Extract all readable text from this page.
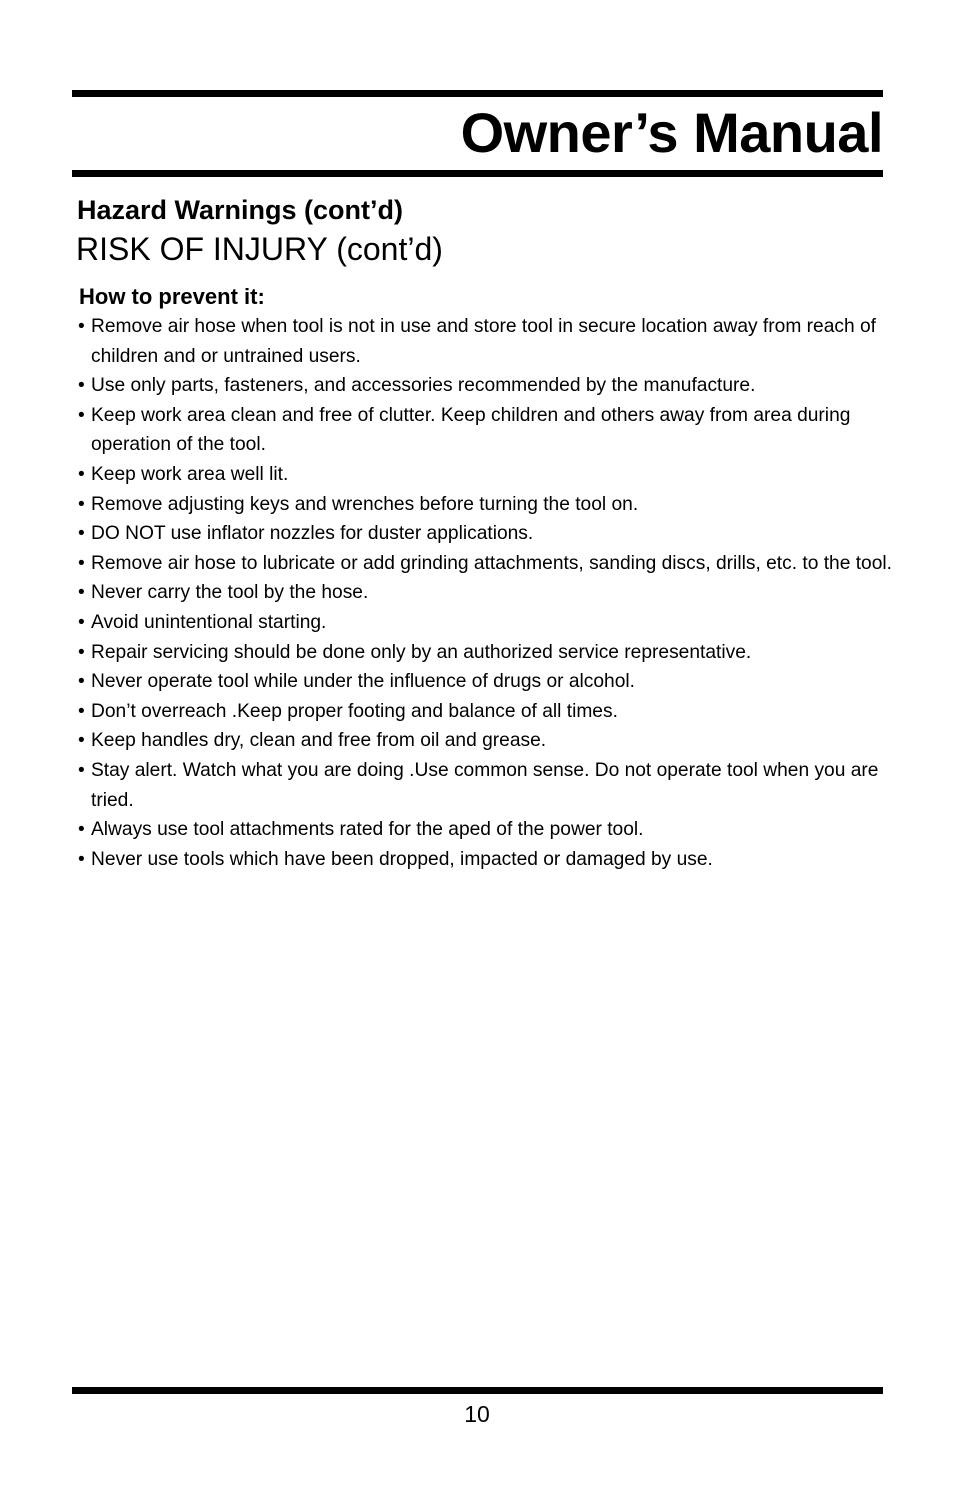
Owner’s Manual
Hazard Warnings (cont’d)
RISK OF INJURY (cont’d)
How to prevent it:
• Remove air hose when tool is not in use and store tool in secure location away from reach of children and or untrained users.
• Use only parts, fasteners, and accessories recommended by the manufacture.
• Keep work area clean and free of clutter. Keep children and others away from area during operation of the tool.
• Keep work area well lit.
• Remove adjusting keys and wrenches before turning the tool on.
• DO NOT use inflator nozzles for duster applications.
• Remove air hose to lubricate or add grinding attachments, sanding discs, drills, etc. to the tool.
• Never carry the tool by the hose.
• Avoid unintentional starting.
• Repair servicing should be done only by an authorized service representative.
• Never operate tool while under the influence of drugs or alcohol.
• Don’t overreach .Keep proper footing and balance of all times.
• Keep handles dry, clean and free from oil and grease.
• Stay alert. Watch what you are doing .Use common sense. Do not operate tool when you are tried.
• Always use tool attachments rated for the aped of the power tool.
• Never use tools which have been dropped, impacted or damaged by use.
10
